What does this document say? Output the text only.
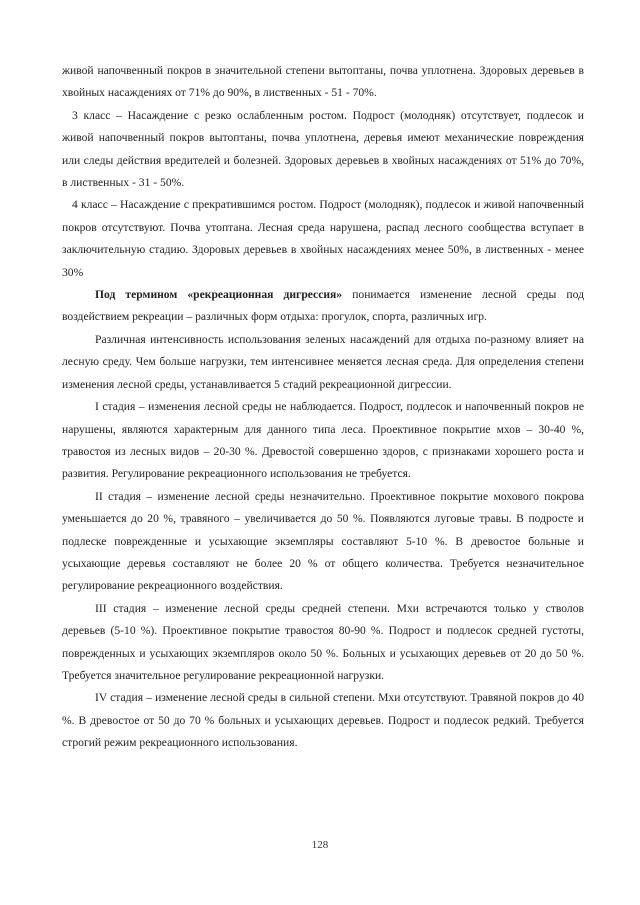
живой напочвенный покров в значительной степени вытоптаны, почва уплотнена. Здоровых деревьев в хвойных насаждениях от 71% до 90%, в лиственных - 51 - 70%.

3 класс – Насаждение с резко ослабленным ростом. Подрост (молодняк) отсутствует, подлесок и живой напочвенный покров вытоптаны, почва уплотнена, деревья имеют механические повреждения или следы действия вредителей и болезней. Здоровых деревьев в хвойных насаждениях от 51% до 70%, в лиственных - 31 - 50%.

4 класс – Насаждение с прекратившимся ростом. Подрост (молодняк), подлесок и живой напочвенный покров отсутствуют. Почва утоптана. Лесная среда нарушена, распад лесного сообщества вступает в заключительную стадию. Здоровых деревьев в хвойных насаждениях менее 50%, в лиственных - менее 30%

Под термином «рекреационная дигрессия» понимается изменение лесной среды под воздействием рекреации – различных форм отдыха: прогулок, спорта, различных игр.

Различная интенсивность использования зеленых насаждений для отдыха по-разному влияет на лесную среду. Чем больше нагрузки, тем интенсивнее меняется лесная среда. Для определения степени изменения лесной среды, устанавливается 5 стадий рекреационной дигрессии.

I стадия – изменения лесной среды не наблюдается. Подрост, подлесок и напочвенный покров не нарушены, являются характерным для данного типа леса. Проективное покрытие мхов – 30-40 %, травостоя из лесных видов – 20-30 %. Древостой совершенно здоров, с признаками хорошего роста и развития. Регулирование рекреационного использования не требуется.

II стадия – изменение лесной среды незначительно. Проективное покрытие мохового покрова уменьшается до 20 %, травяного – увеличивается до 50 %. Появляются луговые травы. В подросте и подлеске поврежденные и усыхающие экземпляры составляют 5-10 %. В древостое больные и усыхающие деревья составляют не более 20 % от общего количества. Требуется незначительное регулирование рекреационного воздействия.

III стадия – изменение лесной среды средней степени. Мхи встречаются только у стволов деревьев (5-10 %). Проективное покрытие травостоя 80-90 %. Подрост и подлесок средней густоты, поврежденных и усыхающих экземпляров около 50 %. Больных и усыхающих деревьев от 20 до 50 %. Требуется значительное регулирование рекреационной нагрузки.

IV стадия – изменение лесной среды в сильной степени. Мхи отсутствуют. Травяной покров до 40 %. В древостое от 50 до 70 % больных и усыхающих деревьев. Подрост и подлесок редкий. Требуется строгий режим рекреационного использования.

128
